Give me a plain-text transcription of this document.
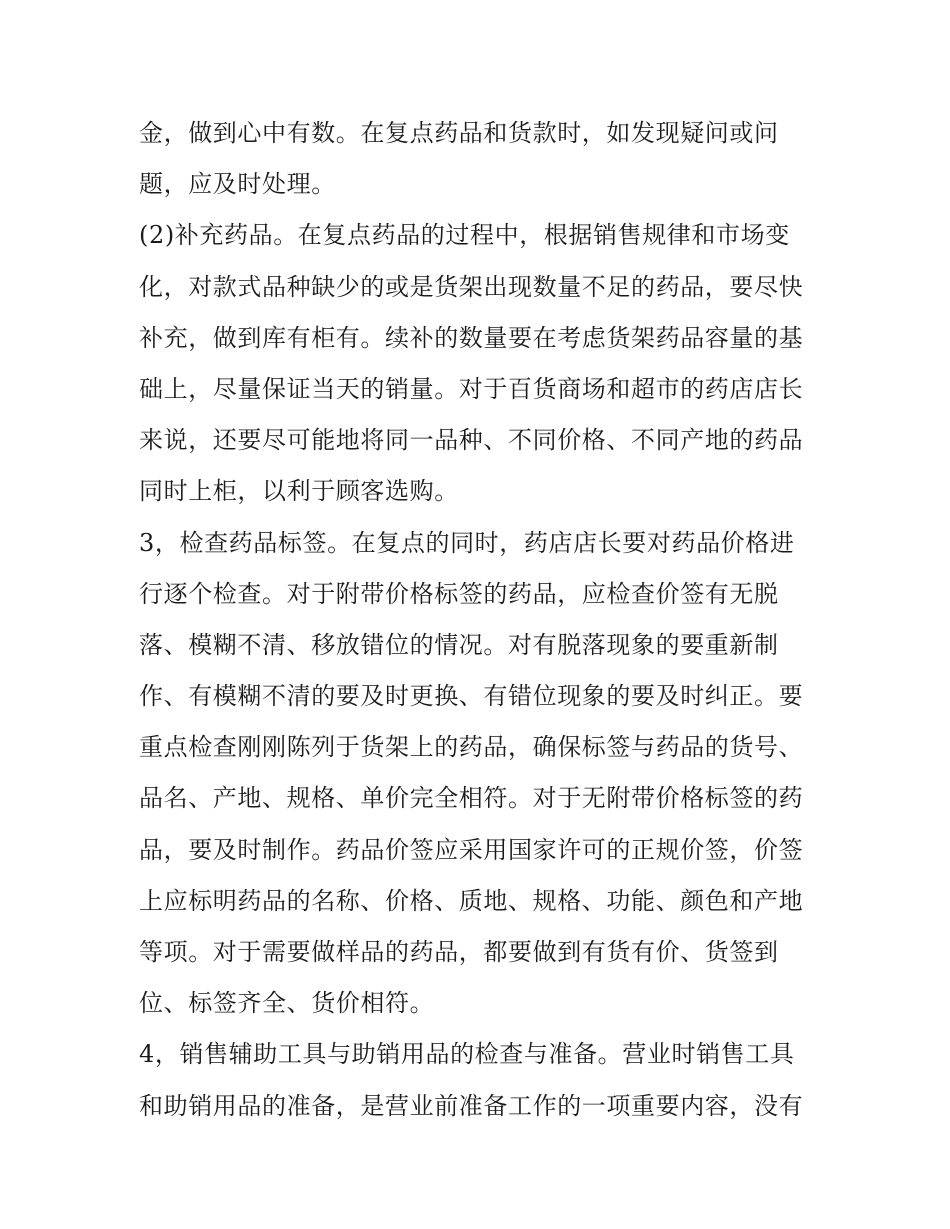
金，做到心中有数。在复点药品和货款时，如发现疑问或问
题，应及时处理。
(2)补充药品。在复点药品的过程中，根据销售规律和市场变
化，对款式品种缺少的或是货架出现数量不足的药品，要尽快
补充，做到库有柜有。续补的数量要在考虑货架药品容量的基
础上，尽量保证当天的销量。对于百货商场和超市的药店店长
来说，还要尽可能地将同一品种、不同价格、不同产地的药品
同时上柜，以利于顾客选购。
3，检查药品标签。在复点的同时，药店店长要对药品价格进
行逐个检查。对于附带价格标签的药品，应检查价签有无脱
落、模糊不清、移放错位的情况。对有脱落现象的要重新制
作、有模糊不清的要及时更换、有错位现象的要及时纠正。要
重点检查刚刚陈列于货架上的药品，确保标签与药品的货号、
品名、产地、规格、单价完全相符。对于无附带价格标签的药
品，要及时制作。药品价签应采用国家许可的正规价签，价签
上应标明药品的名称、价格、质地、规格、功能、颜色和产地
等项。对于需要做样品的药品，都要做到有货有价、货签到
位、标签齐全、货价相符。
4，销售辅助工具与助销用品的检查与准备。营业时销售工具
和助销用品的准备，是营业前准备工作的一项重要内容，没有
